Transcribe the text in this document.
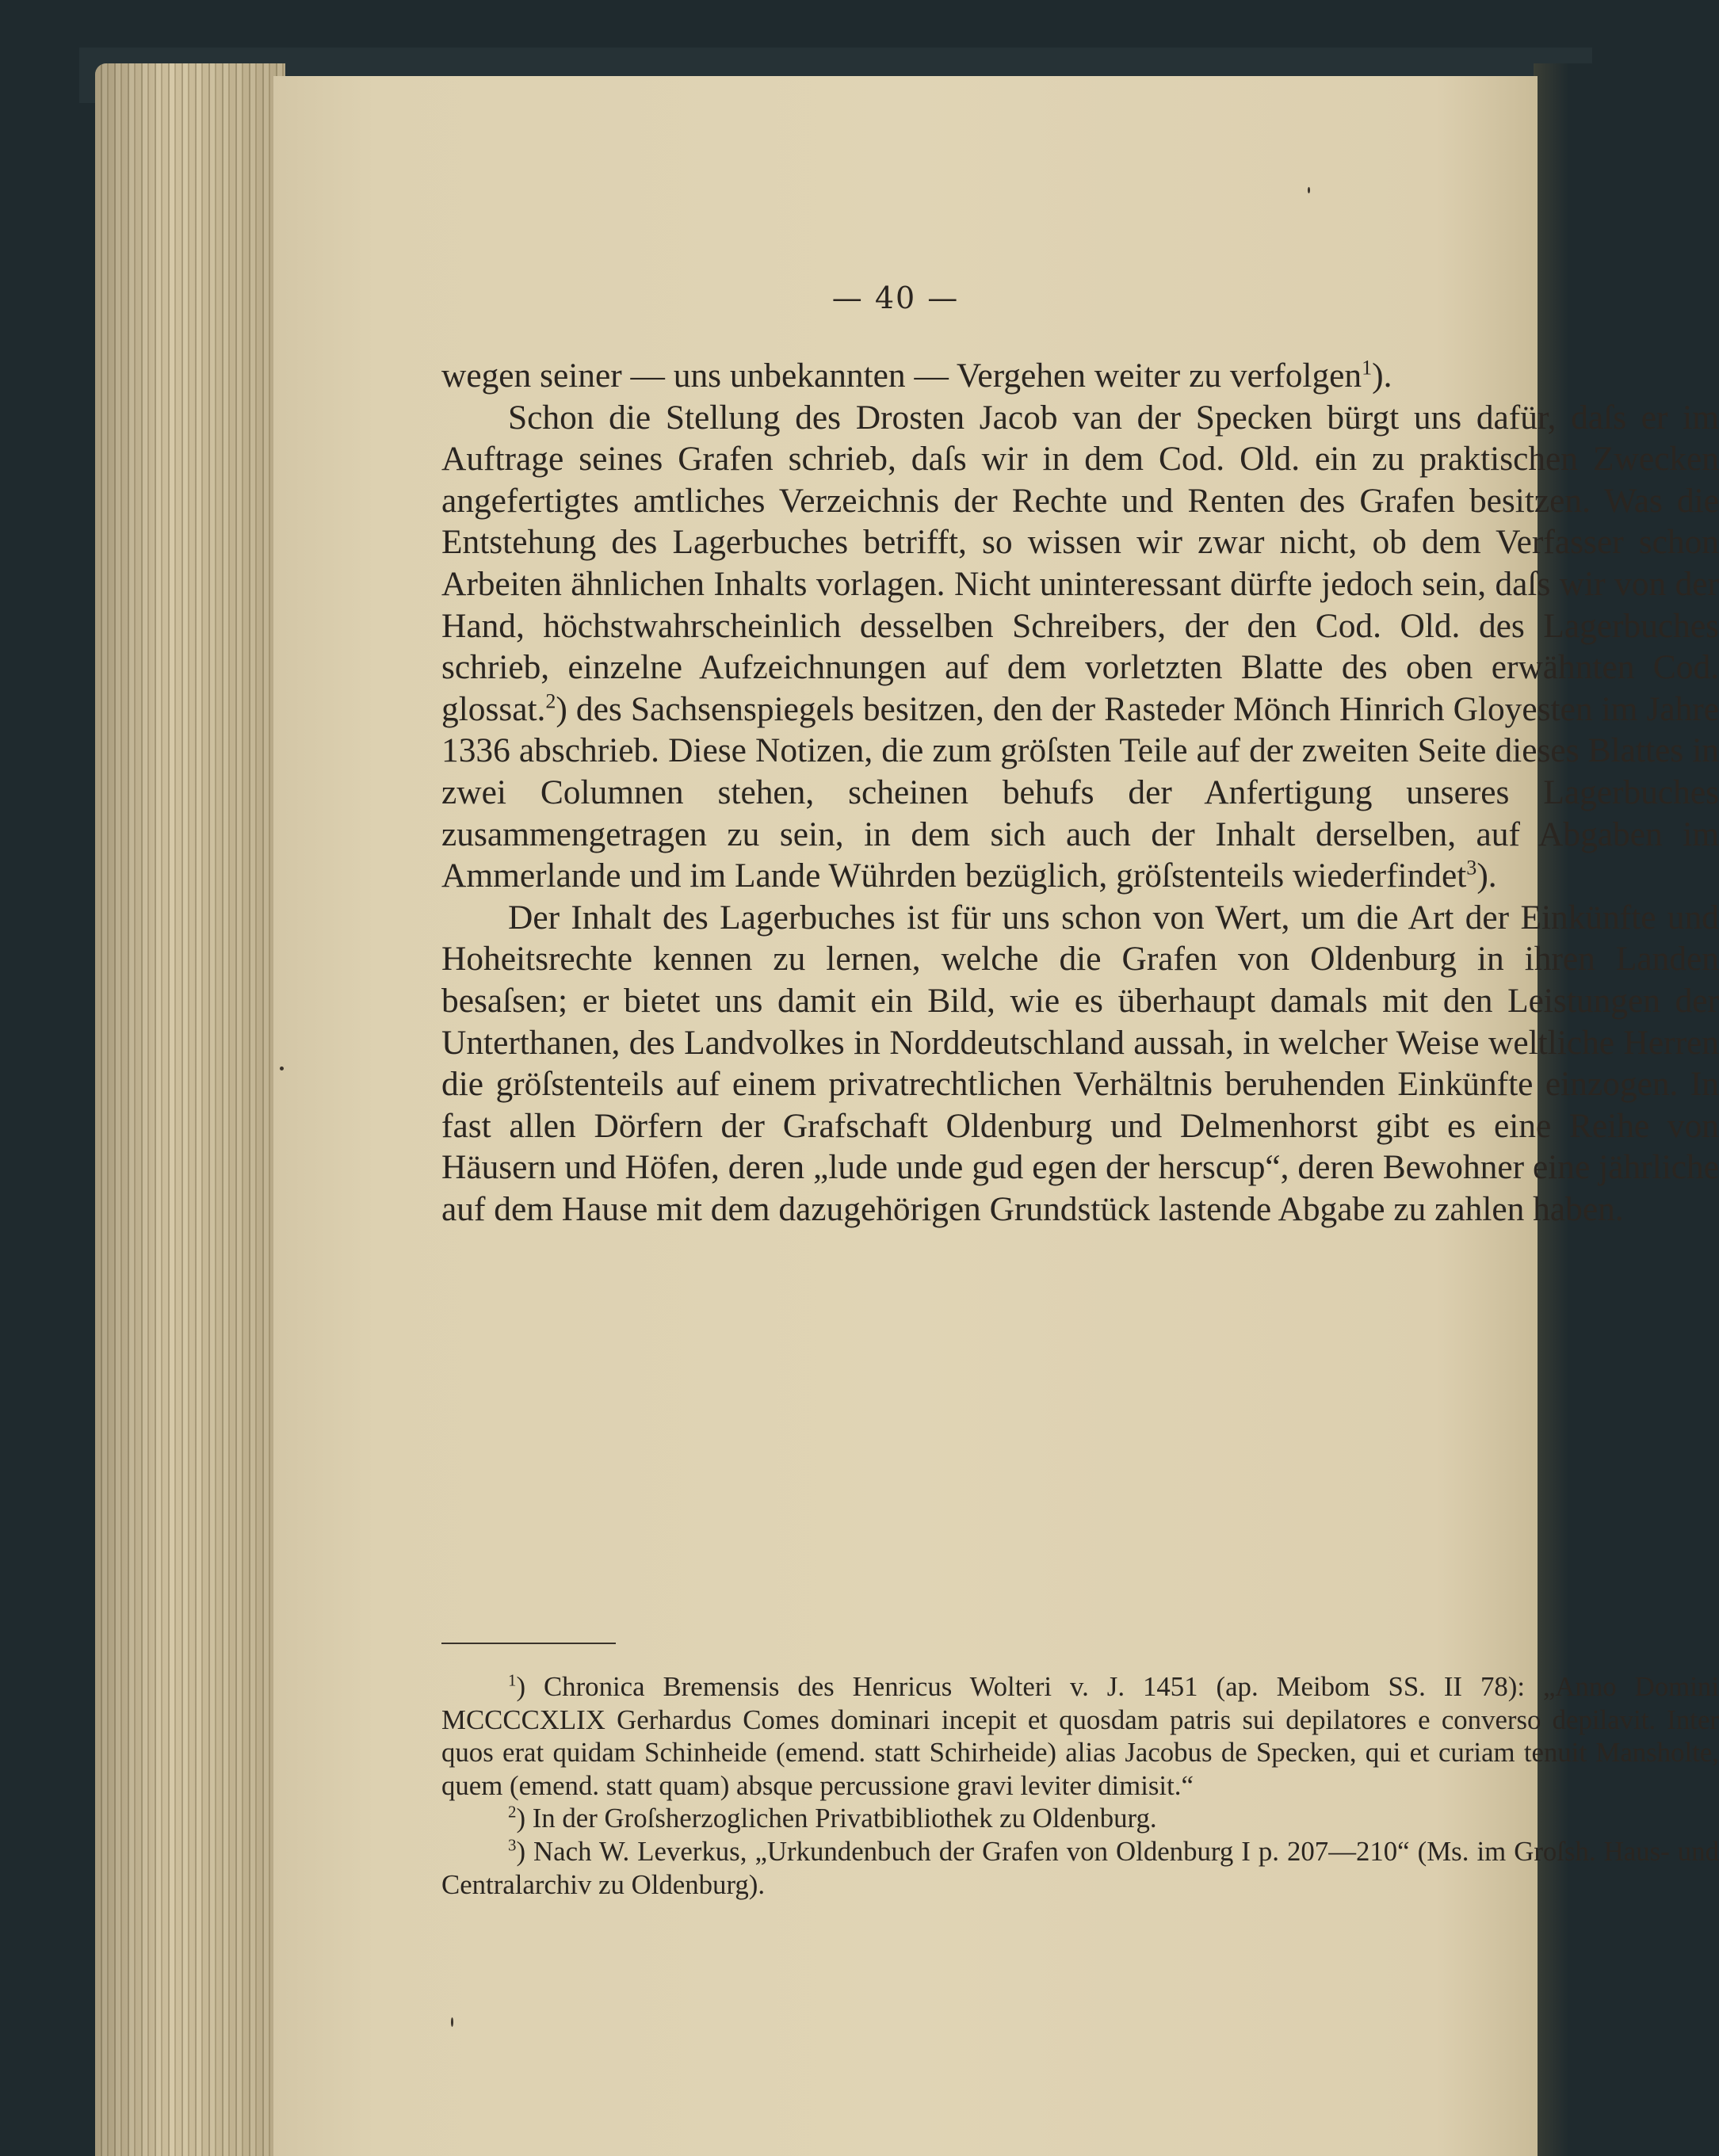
— 40 —

wegen seiner — uns unbekannten — Vergehen weiter zu verfolgen$^1$).

Schon die Stellung des Drosten Jacob van der Specken bürgt uns dafür, daſs er im Auftrage seines Grafen schrieb, daſs wir in dem Cod. Old. ein zu praktischen Zwecken angefertigtes amtliches Verzeichnis der Rechte und Renten des Grafen besitzen. Was die Entstehung des Lagerbuches betrifft, so wissen wir zwar nicht, ob dem Verfasser schon Arbeiten ähnlichen Inhalts vorlagen. Nicht uninteressant dürfte jedoch sein, daſs wir von der Hand, höchstwahrscheinlich desselben Schreibers, der den Cod. Old. des Lagerbuches schrieb, einzelne Aufzeichnungen auf dem vorletzten Blatte des oben erwähnten Cod. glossat.$^2$) des Sachsenspiegels besitzen, den der Rasteder Mönch Hinrich Gloyesten im Jahre 1336 abschrieb. Diese Notizen, die zum gröſsten Teile auf der zweiten Seite dieses Blattes in zwei Columnen stehen, scheinen behufs der Anfertigung unseres Lagerbuches zusammengetragen zu sein, in dem sich auch der Inhalt derselben, auf Abgaben im Ammerlande und im Lande Wührden bezüglich, gröſstenteils wiederfindet$^3$).

Der Inhalt des Lagerbuches ist für uns schon von Wert, um die Art der Einkünfte und Hoheitsrechte kennen zu lernen, welche die Grafen von Oldenburg in ihren Landen besaſsen; er bietet uns damit ein Bild, wie es überhaupt damals mit den Leistungen der Unterthanen, des Landvolkes in Norddeutschland aussah, in welcher Weise weltliche Herren die gröſstenteils auf einem privatrechtlichen Verhältnis beruhenden Einkünfte einzogen. In fast allen Dörfern der Grafschaft Oldenburg und Delmenhorst gibt es eine Reihe von Häusern und Höfen, deren „lude unde gud egen der herscup“, deren Bewohner eine jährliche auf dem Hause mit dem dazugehörigen Grundstück lastende Abgabe zu zahlen haben.

$^1$) Chronica Bremensis des Henricus Wolteri v. J. 1451 (ap. Meibom SS. II 78): „Anno Domini MCCCCXLIX Gerhardus Comes dominari incepit et quosdam patris sui depilatores e converso depilavit. Inter quos erat quidam Schinheide (emend. statt Schirheide) alias Jacobus de Specken, qui et curiam tenuit Mansholte, quem (emend. statt quam) absque percussione gravi leviter dimisit.“

$^2$) In der Groſsherzoglichen Privatbibliothek zu Oldenburg.

$^3$) Nach W. Leverkus, „Urkundenbuch der Grafen von Oldenburg I p. 207—210“ (Ms. im Groſsh. Haus- und Centralarchiv zu Oldenburg).
